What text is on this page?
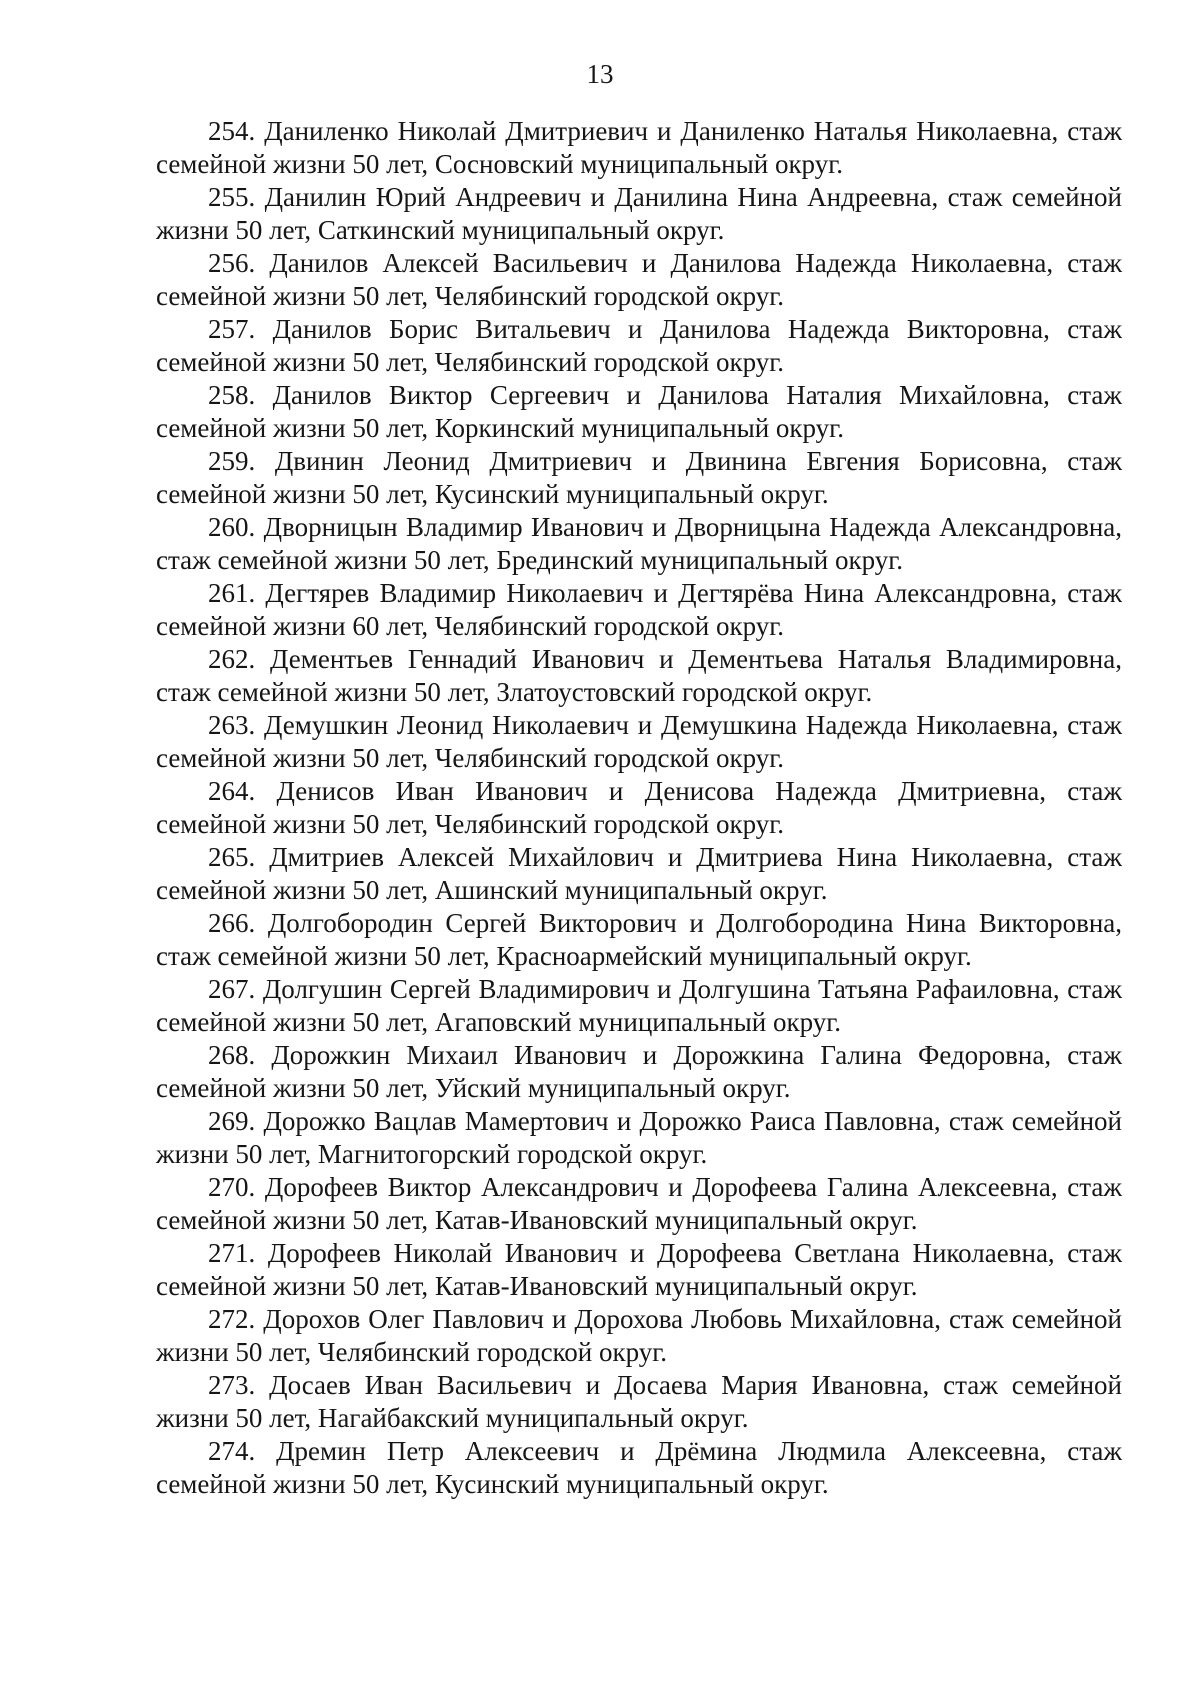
13

254. Даниленко Николай Дмитриевич и Даниленко Наталья Николаевна, стаж семейной жизни 50 лет, Сосновский муниципальный округ.

255. Данилин Юрий Андреевич и Данилина Нина Андреевна, стаж семейной жизни 50 лет, Саткинский муниципальный округ.

256. Данилов Алексей Васильевич и Данилова Надежда Николаевна, стаж семейной жизни 50 лет, Челябинский городской округ.

257. Данилов Борис Витальевич и Данилова Надежда Викторовна, стаж семейной жизни 50 лет, Челябинский городской округ.

258. Данилов Виктор Сергеевич и Данилова Наталия Михайловна, стаж семейной жизни 50 лет, Коркинский муниципальный округ.

259. Двинин Леонид Дмитриевич и Двинина Евгения Борисовна, стаж семейной жизни 50 лет, Кусинский муниципальный округ.

260. Дворницын Владимир Иванович и Дворницына Надежда Александровна, стаж семейной жизни 50 лет, Брединский муниципальный округ.

261. Дегтярев Владимир Николаевич и Дегтярёва Нина Александровна, стаж семейной жизни 60 лет, Челябинский городской округ.

262. Дементьев Геннадий Иванович и Дементьева Наталья Владимировна, стаж семейной жизни 50 лет, Златоустовский городской округ.

263. Демушкин Леонид Николаевич и Демушкина Надежда Николаевна, стаж семейной жизни 50 лет, Челябинский городской округ.

264. Денисов Иван Иванович и Денисова Надежда Дмитриевна, стаж семейной жизни 50 лет, Челябинский городской округ.

265. Дмитриев Алексей Михайлович и Дмитриева Нина Николаевна, стаж семейной жизни 50 лет, Ашинский муниципальный округ.

266. Долгобородин Сергей Викторович и Долгобородина Нина Викторовна, стаж семейной жизни 50 лет, Красноармейский муниципальный округ.

267. Долгушин Сергей Владимирович и Долгушина Татьяна Рафаиловна, стаж семейной жизни 50 лет, Агаповский муниципальный округ.

268. Дорожкин Михаил Иванович и Дорожкина Галина Федоровна, стаж семейной жизни 50 лет, Уйский муниципальный округ.

269. Дорожко Вацлав Мамертович и Дорожко Раиса Павловна, стаж семейной жизни 50 лет, Магнитогорский городской округ.

270. Дорофеев Виктор Александрович и Дорофеева Галина Алексеевна, стаж семейной жизни 50 лет, Катав-Ивановский муниципальный округ.

271. Дорофеев Николай Иванович и Дорофеева Светлана Николаевна, стаж семейной жизни 50 лет, Катав-Ивановский муниципальный округ.

272. Дорохов Олег Павлович и Дорохова Любовь Михайловна, стаж семейной жизни 50 лет, Челябинский городской округ.

273. Досаев Иван Васильевич и Досаева Мария Ивановна, стаж семейной жизни 50 лет, Нагайбакский муниципальный округ.

274. Дремин Петр Алексеевич и Дрёмина Людмила Алексеевна, стаж семейной жизни 50 лет, Кусинский муниципальный округ.
